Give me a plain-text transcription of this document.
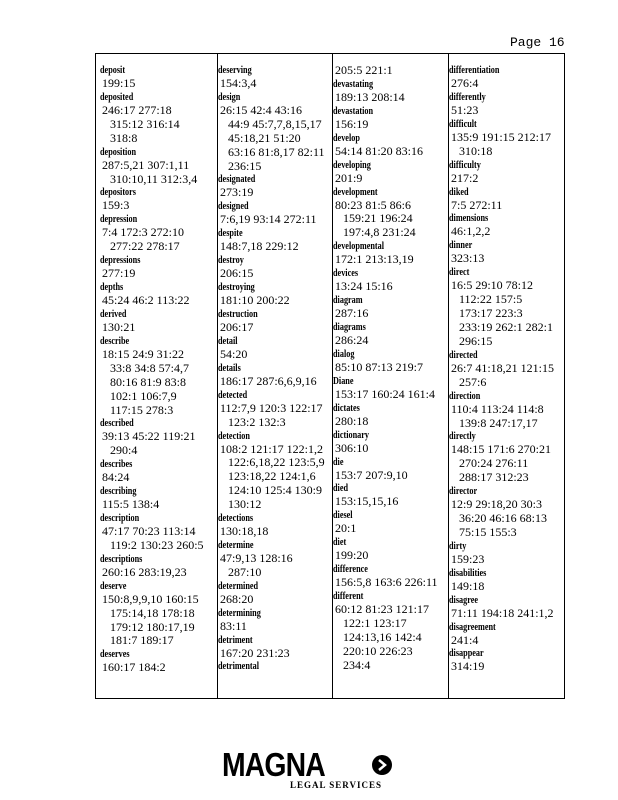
Page 16
deposit
199:15
deposited
246:17 277:18
315:12 316:14
318:8
deposition
287:5,21 307:1,11
310:10,11 312:3,4
depositors
159:3
depression
7:4 172:3 272:10
277:22 278:17
depressions
277:19
depths
45:24 46:2 113:22
derived
130:21
describe
18:15 24:9 31:22
33:8 34:8 57:4,7
80:16 81:9 83:8
102:1 106:7,9
117:15 278:3
described
39:13 45:22 119:21
290:4
describes
84:24
describing
115:5 138:4
description
47:17 70:23 113:14
119:2 130:23 260:5
descriptions
260:16 283:19,23
deserve
150:8,9,9,10 160:15
175:14,18 178:18
179:12 180:17,19
181:7 189:17
deserves
160:17 184:2
deserving
154:3,4
design
26:15 42:4 43:16
44:9 45:7,7,8,15,17
45:18,21 51:20
63:16 81:8,17 82:11
236:15
designated
273:19
designed
7:6,19 93:14 272:11
despite
148:7,18 229:12
destroy
206:15
destroying
181:10 200:22
destruction
206:17
detail
54:20
details
186:17 287:6,6,9,16
detected
112:7,9 120:3 122:17
123:2 132:3
detection
108:2 121:17 122:1,2
122:6,18,22 123:5,9
123:18,22 124:1,6
124:10 125:4 130:9
130:12
detections
130:18,18
determine
47:9,13 128:16
287:10
determined
268:20
determining
83:11
detriment
167:20 231:23
detrimental
205:5 221:1
devastating
189:13 208:14
devastation
156:19
develop
54:14 81:20 83:16
developing
201:9
development
80:23 81:5 86:6
159:21 196:24
197:4,8 231:24
developmental
172:1 213:13,19
devices
13:24 15:16
diagram
287:16
diagrams
286:24
dialog
85:10 87:13 219:7
Diane
153:17 160:24 161:4
dictates
280:18
dictionary
306:10
die
153:7 207:9,10
died
153:15,15,16
diesel
20:1
diet
199:20
difference
156:5,8 163:6 226:11
different
60:12 81:23 121:17
122:1 123:17
124:13,16 142:4
220:10 226:23
234:4
differentiation
276:4
differently
51:23
difficult
135:9 191:15 212:17
310:18
difficulty
217:2
diked
7:5 272:11
dimensions
46:1,2,2
dinner
323:13
direct
16:5 29:10 78:12
112:22 157:5
173:17 223:3
233:19 262:1 282:1
296:15
directed
26:7 41:18,21 121:15
257:6
direction
110:4 113:24 114:8
139:8 247:17,17
directly
148:15 171:6 270:21
270:24 276:11
288:17 312:23
director
12:9 29:18,20 30:3
36:20 46:16 68:13
75:15 155:3
dirty
159:23
disabilities
149:18
disagree
71:11 194:18 241:1,2
disagreement
241:4
disappear
314:19
MAGNA
LEGAL SERVICES
